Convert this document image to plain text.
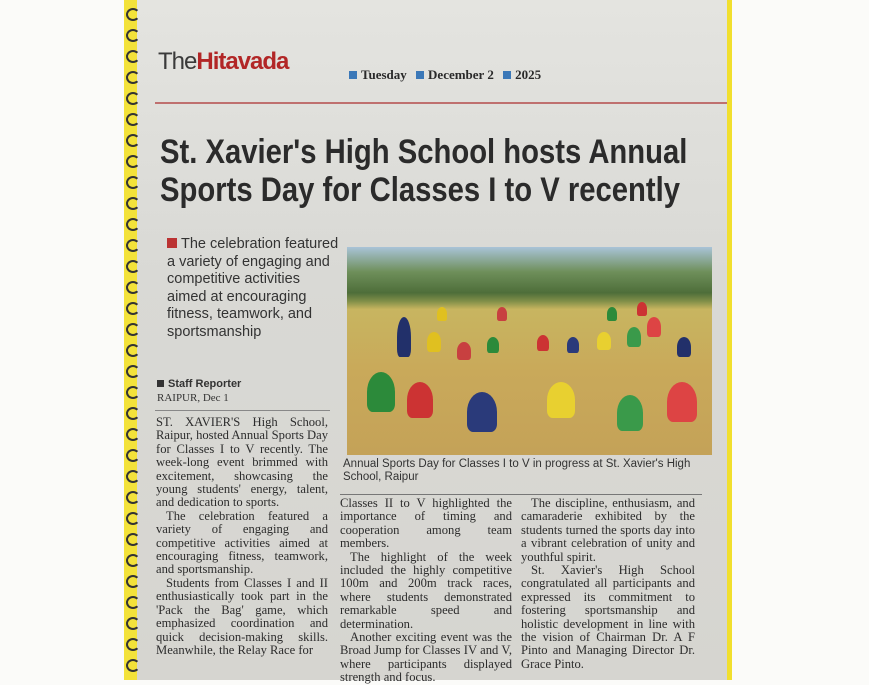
TheHitavada	Tuesday December 2 2025
St. Xavier's High School hosts Annual Sports Day for Classes I to V recently
The celebration featured a variety of engaging and competitive activities aimed at encouraging fitness, teamwork, and sportsmanship
Staff Reporter
RAIPUR, Dec 1
Annual Sports Day for Classes I to V in progress at St. Xavier's High School, Raipur

ST. XAVIER'S High School, Raipur, hosted Annual Sports Day for Classes I to V recently. The week-long event brimmed with excitement, showcasing the young students' energy, talent, and dedication to sports.

The celebration featured a variety of engaging and competitive activities aimed at encouraging fitness, teamwork, and sportsmanship.

Students from Classes I and II enthusiastically took part in the 'Pack the Bag' game, which emphasized coordination and quick decision-making skills. Meanwhile, the Relay Race for

Classes II to V highlighted the importance of timing and cooperation among team members.

The highlight of the week included the highly competitive 100m and 200m track races, where students demonstrated remarkable speed and determination.

Another exciting event was the Broad Jump for Classes IV and V, where participants displayed strength and focus.

The discipline, enthusiasm, and camaraderie exhibited by the students turned the sports day into a vibrant celebration of unity and youthful spirit.

St. Xavier's High School congratulated all participants and expressed its commitment to fostering sportsmanship and holistic development in line with the vision of Chairman Dr. A F Pinto and Managing Director Dr. Grace Pinto.
